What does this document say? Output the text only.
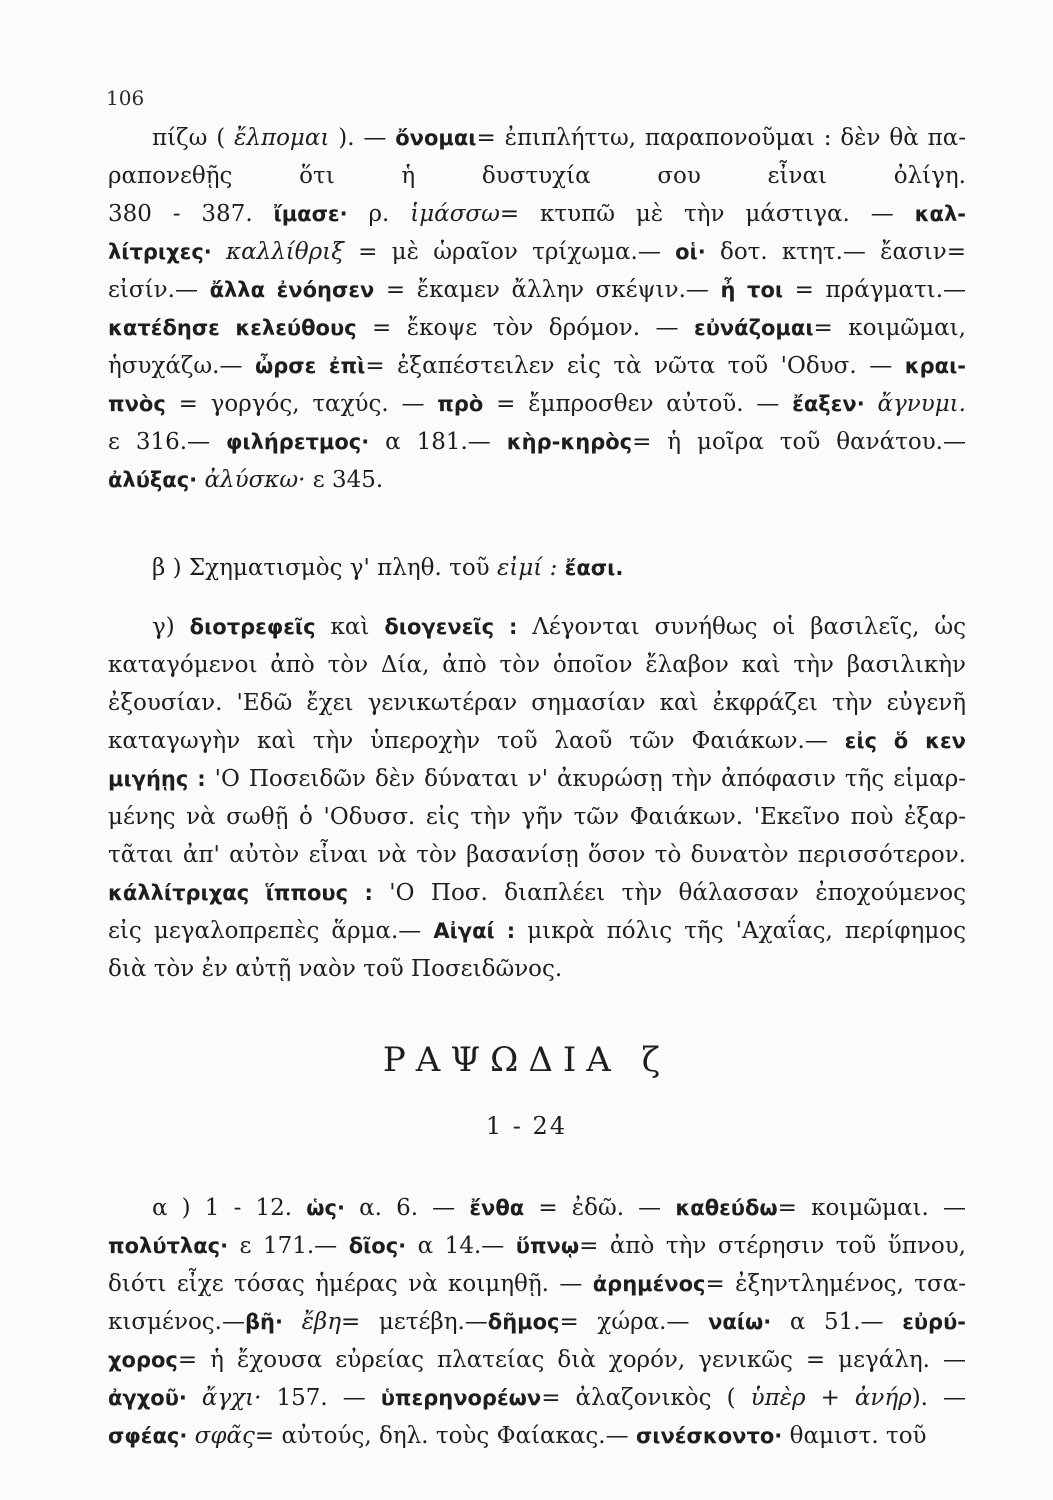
106
πίζω ( ἔλπομαι ). — ὄνομαι= ἐπιπλήττω, παραπονοῦμαι : δὲν θὰ πα-
ραπονεθῇς ὅτι ἡ δυστυχία σου εἶναι ὀλίγη.
380 - 387. ἴμασε· ρ. ἱμάσσω= κτυπῶ μὲ τὴν μάστιγα. — καλ-
λίτριχες· καλλίθριξ = μὲ ὡραῖον τρίχωμα.— οἱ· δοτ. κτητ.— ἔασιν=
εἰσίν.— ἄλλα ἐνόησεν = ἔκαμεν ἄλλην σκέψιν.— ἦ τοι = πράγματι.—
κατέδησε κελεύθους = ἔκοψε τὸν δρόμον. — εὐνάζομαι= κοιμῶμαι,
ἡσυχάζω.— ὦρσε ἐπὶ= ἐξαπέστειλεν εἰς τὰ νῶτα τοῦ 'Οδυσ. — κραι-
πνὸς = γοργός, ταχύς. — πρὸ = ἔμπροσθεν αὐτοῦ. — ἔαξεν· ἄγνυμι.
ε 316.— φιλήρετμος· α 181.— κὴρ-κηρὸς= ἡ μοῖρα τοῦ θανάτου.—
ἀλύξας· ἀλύσκω· ε 345.
β ) Σχηματισμὸς γ' πληθ. τοῦ εἰμί : ἔασι.
γ) διοτρεφεῖς καὶ διογενεῖς : Λέγονται συνήθως οἱ βασιλεῖς, ὡς
καταγόμενοι ἀπὸ τὸν Δία, ἀπὸ τὸν ὁποῖον ἔλαβον καὶ τὴν βασιλικὴν
ἐξουσίαν. 'Εδῶ ἔχει γενικωτέραν σημασίαν καὶ ἐκφράζει τὴν εὐγενῆ
καταγωγὴν καὶ τὴν ὑπεροχὴν τοῦ λαοῦ τῶν Φαιάκων.— εἰς ὅ κεν
μιγήῃς : 'Ο Ποσειδῶν δὲν δύναται ν' ἀκυρώσῃ τὴν ἀπόφασιν τῆς εἱμαρ-
μένης νὰ σωθῇ ὁ 'Οδυσσ. εἰς τὴν γῆν τῶν Φαιάκων. 'Εκεῖνο ποὺ ἐξαρ-
τᾶται ἀπ' αὐτὸν εἶναι νὰ τὸν βασανίσῃ ὅσον τὸ δυνατὸν περισσότερον.
κάλλίτριχας ἵππους : 'Ο Ποσ. διαπλέει τὴν θάλασσαν ἐποχούμενος
εἰς μεγαλοπρεπὲς ἅρμα.— Αἰγαί : μικρὰ πόλις τῆς 'Αχαΐας, περίφημος
διὰ τὸν ἐν αὐτῇ ναὸν τοῦ Ποσειδῶνος.
ΡΑΨΩΔΙΑ ζ
1 - 24
α ) 1 - 12. ὡς· α. 6. — ἔνθα = ἐδῶ. — καθεύδω= κοιμῶμαι. —
πολύτλας· ε 171.— δῖος· α 14.— ὕπνῳ= ἀπὸ τὴν στέρησιν τοῦ ὕπνου,
διότι εἶχε τόσας ἡμέρας νὰ κοιμηθῇ. — ἀρημένος= ἐξηντλημένος, τσα-
κισμένος.—βῆ· ἔβη= μετέβη.—δῆμος= χώρα.— ναίω· α 51.— εὐρύ-
χορος= ἡ ἔχουσα εὐρείας πλατείας διὰ χορόν, γενικῶς = μεγάλη. —
ἀγχοῦ· ἄγχι· 157. — ὑπερηνορέων= ἀλαζονικὸς ( ὑπὲρ + ἀνήρ). —
σφέας· σφᾶς= αὐτούς, δηλ. τοὺς Φαίακας.— σινέσκοντο· θαμιστ. τοῦ
